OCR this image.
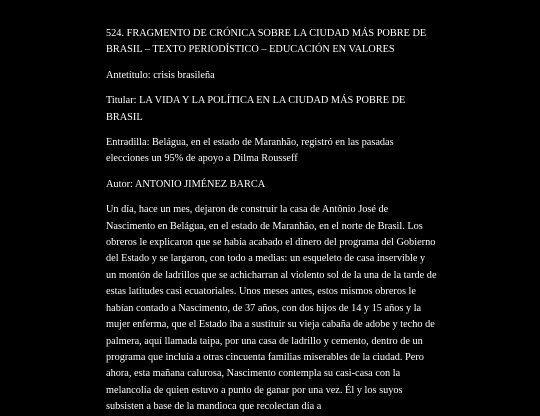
524. FRAGMENTO DE CRÓNICA SOBRE LA CIUDAD MÁS POBRE DE BRASIL – TEXTO PERIODÍSTICO – EDUCACIÓN EN VALORES

Antetítulo: crisis brasileña

Titular: LA VIDA Y LA POLÍTICA EN LA CIUDAD MÁS POBRE DE BRASIL

Entradilla: Belágua, en el estado de Maranhão, registró en las pasadas elecciones un 95% de apoyo a Dilma Rousseff

Autor: ANTONIO JIMÉNEZ BARCA

Un día, hace un mes, dejaron de construir la casa de Antônio José de Nascimento en Belágua, en el estado de Maranhão, en el norte de Brasil. Los obreros le explicaron que se había acabado el dinero del programa del Gobierno del Estado y se largaron, con todo a medias: un esqueleto de casa inservible y un montón de ladrillos que se achicharran al violento sol de la una de la tarde de estas latitudes casi ecuatoriales. Unos meses antes, estos mismos obreros le habían contado a Nascimento, de 37 años, con dos hijos de 14 y 15 años y la mujer enferma, que el Estado iba a sustituir su vieja cabaña de adobe y techo de palmera, aquí llamada taipa, por una casa de ladrillo y cemento, dentro de un programa que incluía a otras cincuenta familias miserables de la ciudad. Pero ahora, esta mañana calurosa, Nascimento contempla su casi-casa con la melancolía de quien estuvo a punto de ganar por una vez. Él y los suyos subsisten a base de la mandioca que recolectan día a
